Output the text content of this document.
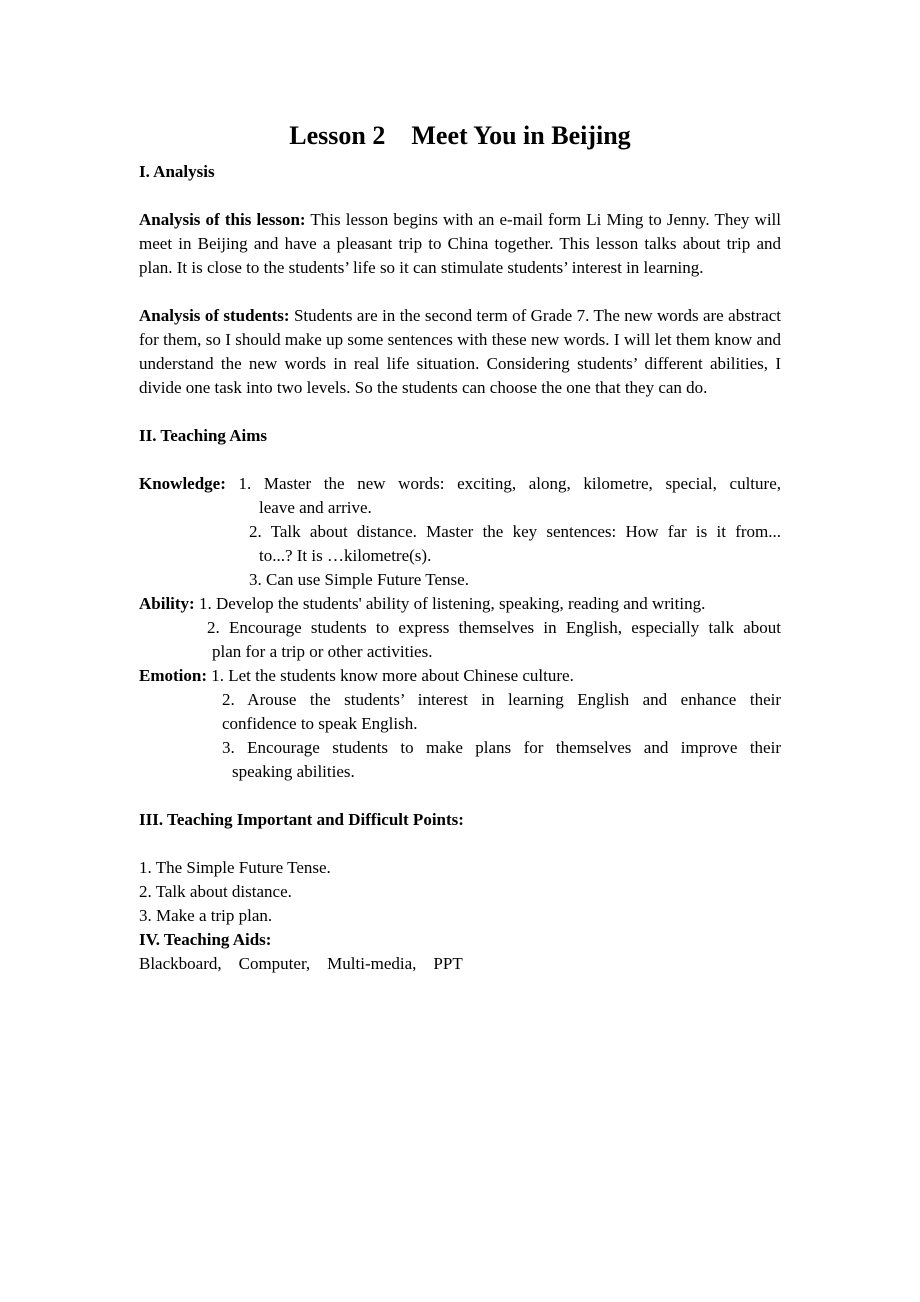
Lesson 2    Meet You in Beijing
I. Analysis

Analysis of this lesson: This lesson begins with an e-mail form Li Ming to Jenny. They will meet in Beijing and have a pleasant trip to China together. This lesson talks about trip and plan. It is close to the students’ life so it can stimulate students’ interest in learning.

Analysis of students: Students are in the second term of Grade 7. The new words are abstract for them, so I should make up some sentences with these new words. I will let them know and understand the new words in real life situation. Considering students’ different abilities, I divide one task into two levels. So the students can choose the one that they can do.

II. Teaching Aims

Knowledge: 1. Master the new words: exciting, along, kilometre, special, culture,

leave and arrive.

2. Talk about distance. Master the key sentences: How far is it from...

to...? It is …kilometre(s).

3. Can use Simple Future Tense.

Ability: 1. Develop the students' ability of listening, speaking, reading and writing.

2. Encourage students to express themselves in English, especially talk about

plan for a trip or other activities.

Emotion: 1. Let the students know more about Chinese culture.

2. Arouse the students’ interest in learning English and enhance their

confidence to speak English.

3. Encourage students to make plans for themselves and improve their

speaking abilities.

III. Teaching Important and Difficult Points:

1. The Simple Future Tense.

2. Talk about distance.

3. Make a trip plan.

IV. Teaching Aids:

Blackboard,    Computer,    Multi-media,    PPT
